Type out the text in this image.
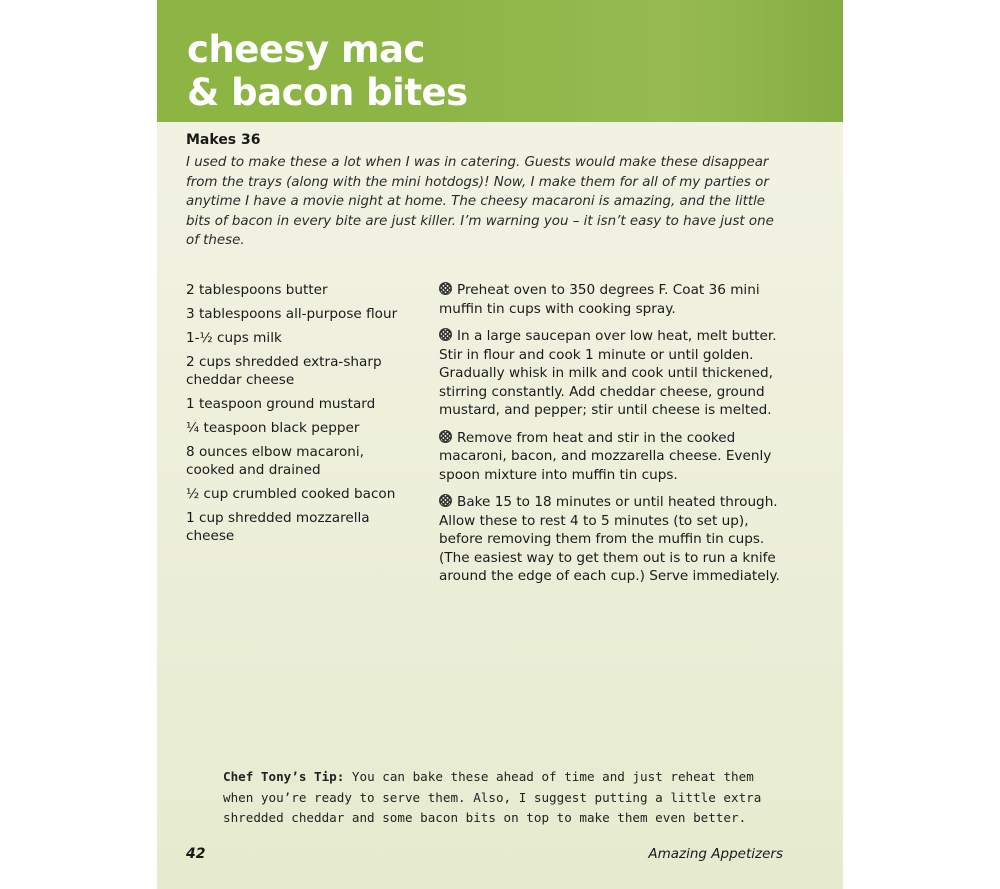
cheesy mac
& bacon bites
Makes 36

I used to make these a lot when I was in catering. Guests would make these disappear from the trays (along with the mini hotdogs)! Now, I make them for all of my parties or anytime I have a movie night at home. The cheesy macaroni is amazing, and the little bits of bacon in every bite are just killer. I’m warning you – it isn’t easy to have just one of these.

2 tablespoons butter
3 tablespoons all-purpose flour
1-½ cups milk
2 cups shredded extra-sharp cheddar cheese
1 teaspoon ground mustard
¼ teaspoon black pepper
8 ounces elbow macaroni, cooked and drained
½ cup crumbled cooked bacon
1 cup shredded mozzarella cheese
Preheat oven to 350 degrees F. Coat 36 mini muffin tin cups with cooking spray.
In a large saucepan over low heat, melt butter. Stir in flour and cook 1 minute or until golden. Gradually whisk in milk and cook until thickened, stirring constantly. Add cheddar cheese, ground mustard, and pepper; stir until cheese is melted.
Remove from heat and stir in the cooked macaroni, bacon, and mozzarella cheese. Evenly spoon mixture into muffin tin cups.
Bake 15 to 18 minutes or until heated through. Allow these to rest 4 to 5 minutes (to set up), before removing them from the muffin tin cups. (The easiest way to get them out is to run a knife around the edge of each cup.) Serve immediately.

Chef Tony’s Tip: You can bake these ahead of time and just reheat them when you’re ready to serve them. Also, I suggest putting a little extra shredded cheddar and some bacon bits on top to make them even better.

42	Amazing Appetizers
